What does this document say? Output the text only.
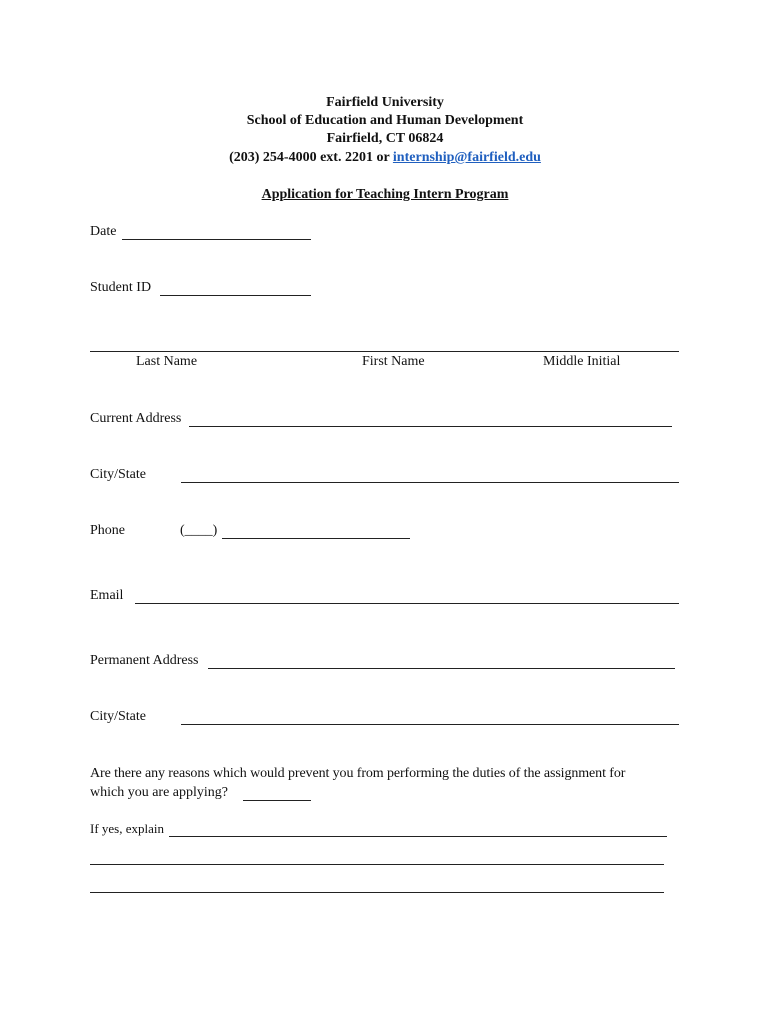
Fairfield University
School of Education and Human Development
Fairfield, CT 06824
(203) 254-4000 ext. 2201 or internship@fairfield.edu
Application for Teaching Intern Program
Date
Student ID
Last Name	First Name	Middle Initial
Current Address
City/State
Phone	(____)
Email
Permanent Address
City/State
Are there any reasons which would prevent you from performing the duties of the assignment for
which you are applying?
If yes, explain
